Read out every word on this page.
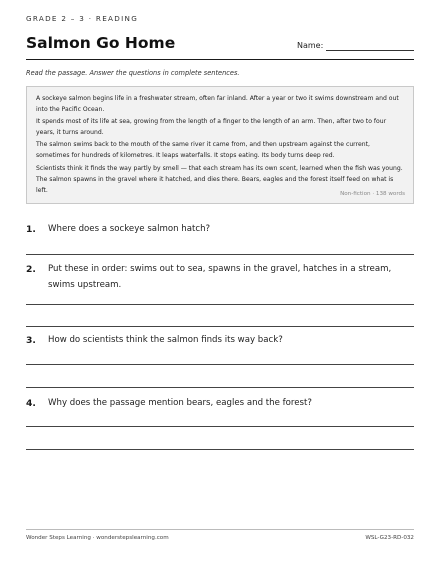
GRADE 2 – 3 · READING
Salmon Go Home	Name:
Read the passage. Answer the questions in complete sentences.
A sockeye salmon begins life in a freshwater stream, often far inland. After a year or two it swims downstream and out into the Pacific Ocean.
It spends most of its life at sea, growing from the length of a finger to the length of an arm. Then, after two to four years, it turns around.
The salmon swims back to the mouth of the same river it came from, and then upstream against the current, sometimes for hundreds of kilometres. It leaps waterfalls. It stops eating. Its body turns deep red.
Scientists think it finds the way partly by smell — that each stream has its own scent, learned when the fish was young. The salmon spawns in the gravel where it hatched, and dies there. Bears, eagles and the forest itself feed on what is left.
Non-fiction · 138 words
1. Where does a sockeye salmon hatch?
2. Put these in order: swims out to sea, spawns in the gravel, hatches in a stream, swims upstream.
3. How do scientists think the salmon finds its way back?
4. Why does the passage mention bears, eagles and the forest?
Wonder Steps Learning · wonderstepslearning.com	WSL-G23-RD-032
